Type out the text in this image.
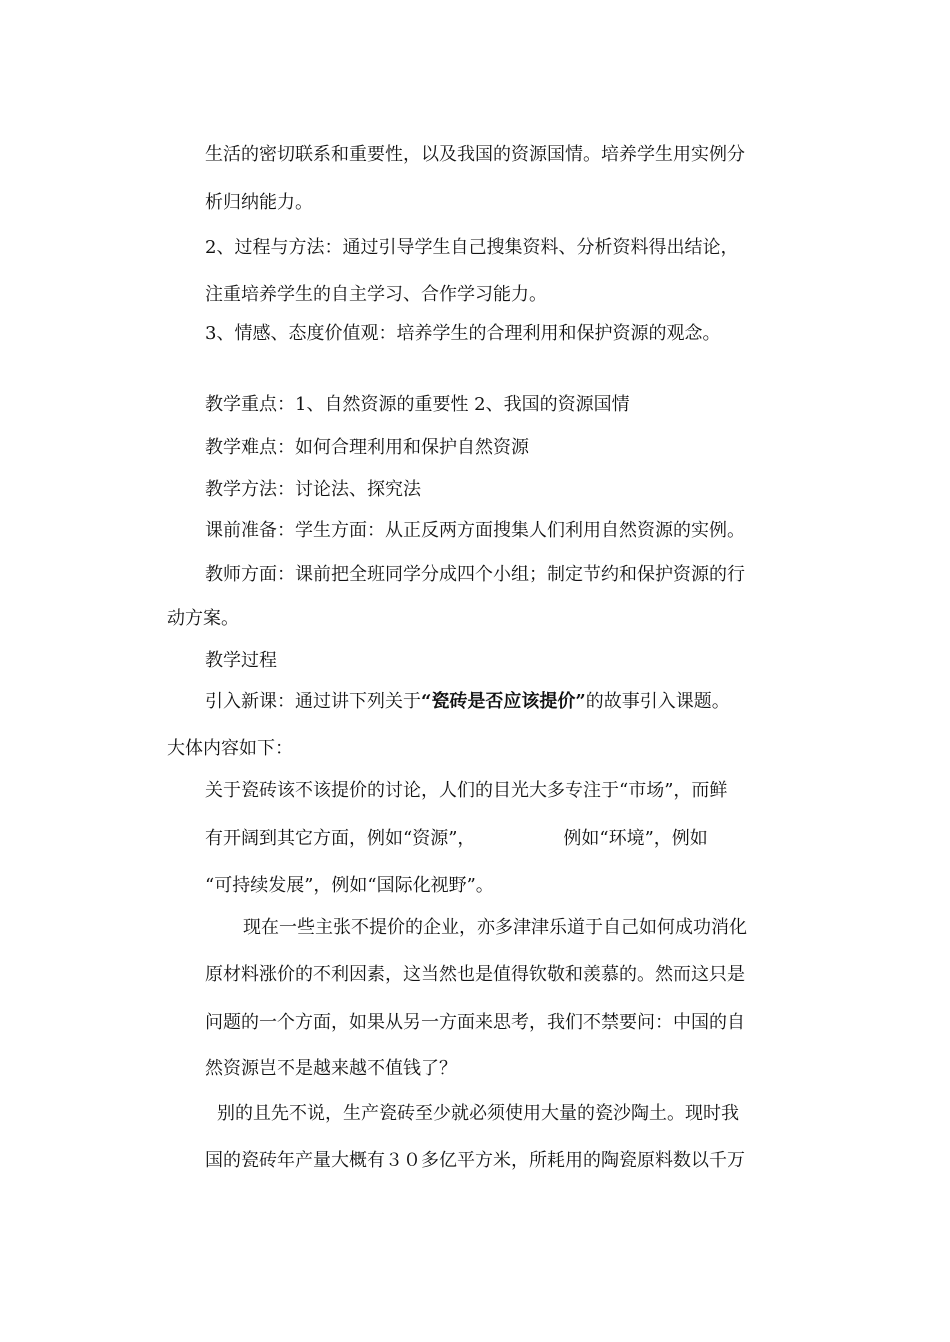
生活的密切联系和重要性，以及我国的资源国情。培养学生用实例分

析归纳能力。

2、过程与方法：通过引导学生自己搜集资料、分析资料得出结论，

注重培养学生的自主学习、合作学习能力。

3、情感、态度价值观：培养学生的合理利用和保护资源的观念。

教学重点：1、自然资源的重要性 2、我国的资源国情

教学难点：如何合理利用和保护自然资源

教学方法：讨论法、探究法

课前准备：学生方面：从正反两方面搜集人们利用自然资源的实例。

教师方面：课前把全班同学分成四个小组；制定节约和保护资源的行

动方案。

教学过程

引入新课：通过讲下列关于“瓷砖是否应该提价”的故事引入课题。

大体内容如下：

关于瓷砖该不该提价的讨论，人们的目光大多专注于“市场”，而鲜

有开阔到其它方面，例如“资源”，	例如“环境”，例如

“可持续发展”，例如“国际化视野”。

现在一些主张不提价的企业，亦多津津乐道于自己如何成功消化

原材料涨价的不利因素，这当然也是值得钦敬和羡慕的。然而这只是

问题的一个方面，如果从另一方面来思考，我们不禁要问：中国的自

然资源岂不是越来越不值钱了？

别的且先不说，生产瓷砖至少就必须使用大量的瓷沙陶土。现时我

国的瓷砖年产量大概有３０多亿平方米，所耗用的陶瓷原料数以千万
